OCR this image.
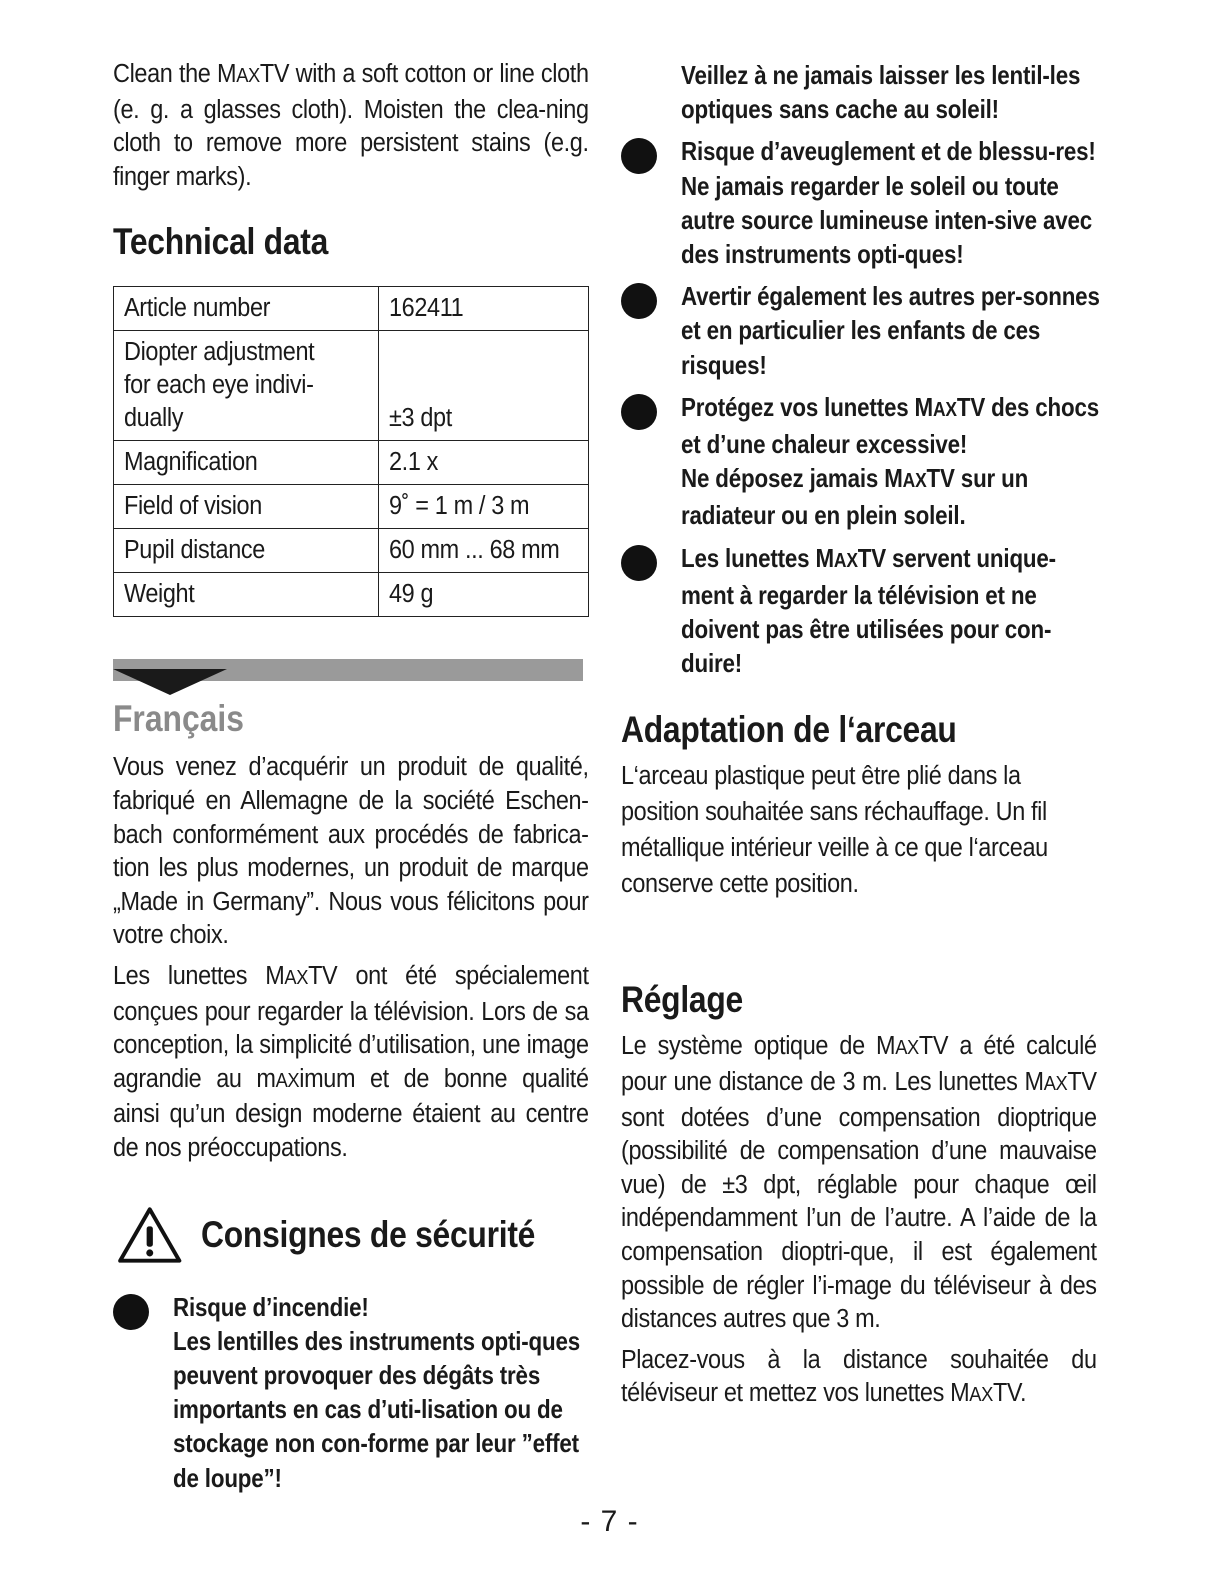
Clean the MAXTV with a soft cotton or line cloth (e. g. a glasses cloth). Moisten the clea-ning cloth to remove more persistent stains (e.g. finger marks).
Technical data
Article number	162411
Diopter adjustment
for each eye indivi-
dually	±3 dpt
Magnification	2.1 x
Field of vision	9˚ = 1 m / 3 m
Pupil distance	60 mm ... 68 mm
Weight	49 g
Français
Vous venez d’acquérir un produit de qualité, fabriqué en Allemagne de la société Eschen-bach conformément aux procédés de fabrica-tion les plus modernes, un produit de marque „Made in Germany”. Nous vous félicitons pour votre choix.
Les lunettes MAXTV ont été spécialement conçues pour regarder la télévision. Lors de sa conception, la simplicité d’utilisation, une image agrandie au mAXimum et de bonne qualité ainsi qu’un design moderne étaient au centre de nos préoccupations.
Consignes de sécurité
Risque d’incendie!
Les lentilles des instruments opti-ques peuvent provoquer des dégâts très importants en cas d’uti-lisation ou de stockage non con-forme par leur ”effet de loupe”!
Veillez à ne jamais laisser les lentil-les optiques sans cache au soleil!
Risque d’aveuglement et de blessu-res!
Ne jamais regarder le soleil ou toute autre source lumineuse inten-sive avec des instruments opti-ques!
Avertir également les autres per-sonnes et en particulier les enfants de ces risques!
Protégez vos lunettes MAXTV des chocs et d’une chaleur excessive!
Ne déposez jamais MAXTV sur un radiateur ou en plein soleil.
Les lunettes MAXTV servent unique-ment à regarder la télévision et ne doivent pas être utilisées pour con-duire!
Adaptation de l‘arceau
L‘arceau plastique peut être plié dans la position souhaitée sans réchauffage. Un fil métallique intérieur veille à ce que l‘arceau conserve cette position.
Réglage
Le système optique de MAXTV a été calculé pour une distance de 3 m. Les lunettes MAXTV sont dotées d’une compensation dioptrique (possibilité de compensation d’une mauvaise vue) de ±3 dpt, réglable pour chaque œil indépendamment l’un de l’autre. A l’aide de la compensation dioptri-que, il est également possible de régler l’i-mage du téléviseur à des distances autres que 3 m.
Placez-vous à la distance souhaitée du téléviseur et mettez vos lunettes MAXTV.
- 7 -
